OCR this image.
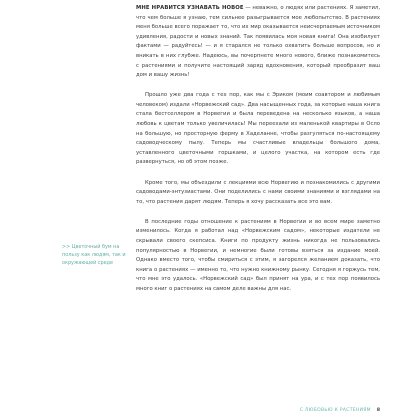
МНЕ НРАВИТСЯ УЗНАВАТЬ НОВОЕ — неважно, о людях или растениях. Я заметил, что чем больше я узнаю, тем сильнее разыгрывается мое любопытство. В растениях меня больше всего поражает то, что их мир оказывается неисчерпаемым источником удивления, радости и новых знаний. Так появилась моя новая книга! Она изобилует фактами — радуйтесь! — и я старался не только охватить больше вопросов, но и вникать в них глубже. Надеюсь, вы почерпнете много нового, ближе познакомитесь с растениями и получите настоящий заряд вдохновения, который преобразит ваш дом и вашу жизнь!

Прошло уже два года с тех пор, как мы с Эриком (моим соавтором и любимым человеком) издали «Норвежский сад». Два насыщенных года, за которые наша книга стала бестселлером в Норвегии и была переведена на несколько языков, а наша любовь к цветам только увеличилась! Мы переехали из маленькой квартиры в Осло на большую, но просторную ферму в Хаделанне, чтобы разгуляться по-настоящему садоводческому пылу. Теперь мы счастливые владельцы большого дома, уставленного цветочными горшками, и целого участка, на котором есть где развернуться, но об этом позже.

Кроме того, мы объездили с лекциями всю Норвегию и познакомились с другими садоводами-энтузиастами. Они поделились с нами своими знаниями и взглядами на то, что растения дарят людям. Теперь я хочу рассказать все это вам.

В последние годы отношение к растениям в Норвегии и во всем мире заметно изменилось. Когда я работал над «Норвежским садом», некоторые издатели не скрывали своего скепсиса. Книги по продукту жизнь никогда не пользовались популярностью в Норвегии, и немногие были готовы взяться за издание моей. Однако вместо того, чтобы смириться с этим, я загорелся желанием доказать, что книга о растениях — именно то, что нужно книжному рынку. Сегодня я горжусь тем, что мне это удалось. «Норвежский сад» был принят на ура, и с тех пор появилось много книг о растениях на самом деле важны для нас.

>> Цветочный бум на пользу как людям, так и окружающей среде
С ЛЮБОВЬЮ К РАСТЕНИЯМ 8
